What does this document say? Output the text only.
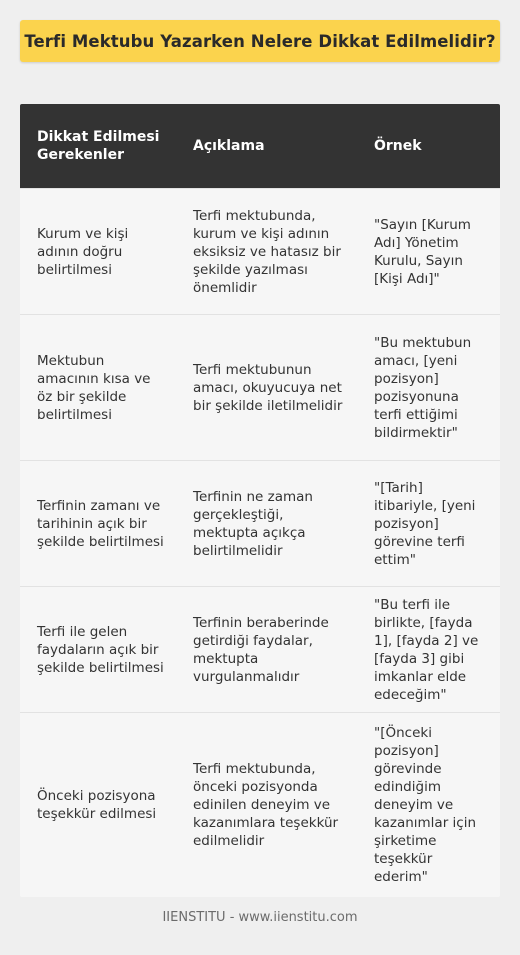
Terfi Mektubu Yazarken Nelere Dikkat Edilmelidir?
Dikkat Edilmesi Gerekenler
Açıklama	Örnek
Kurum ve kişi adının doğru belirtilmesi
Terfi mektubunda, kurum ve kişi adının eksiksiz ve hatasız bir şekilde yazılması önemlidir
"Sayın [Kurum Adı] Yönetim Kurulu, Sayın [Kişi Adı]"
Mektubun amacının kısa ve öz bir şekilde belirtilmesi
Terfi mektubunun amacı, okuyucuya net bir şekilde iletilmelidir
"Bu mektubun amacı, [yeni pozisyon] pozisyonuna terfi ettiğimi bildirmektir"
Terfinin zamanı ve tarihinin açık bir şekilde belirtilmesi
Terfinin ne zaman gerçekleştiği, mektupta açıkça belirtilmelidir
"[Tarih] itibariyle, [yeni pozisyon] görevine terfi ettim"
Terfi ile gelen faydaların açık bir şekilde belirtilmesi
Terfinin beraberinde getirdiği faydalar, mektupta vurgulanmalıdır
"Bu terfi ile birlikte, [fayda 1], [fayda 2] ve [fayda 3] gibi imkanlar elde edeceğim"
Önceki pozisyona teşekkür edilmesi
Terfi mektubunda, önceki pozisyonda edinilen deneyim ve kazanımlara teşekkür edilmelidir
"[Önceki pozisyon] görevinde edindiğim deneyim ve kazanımlar için şirketime teşekkür ederim"
IIENSTITU - www.iienstitu.com
